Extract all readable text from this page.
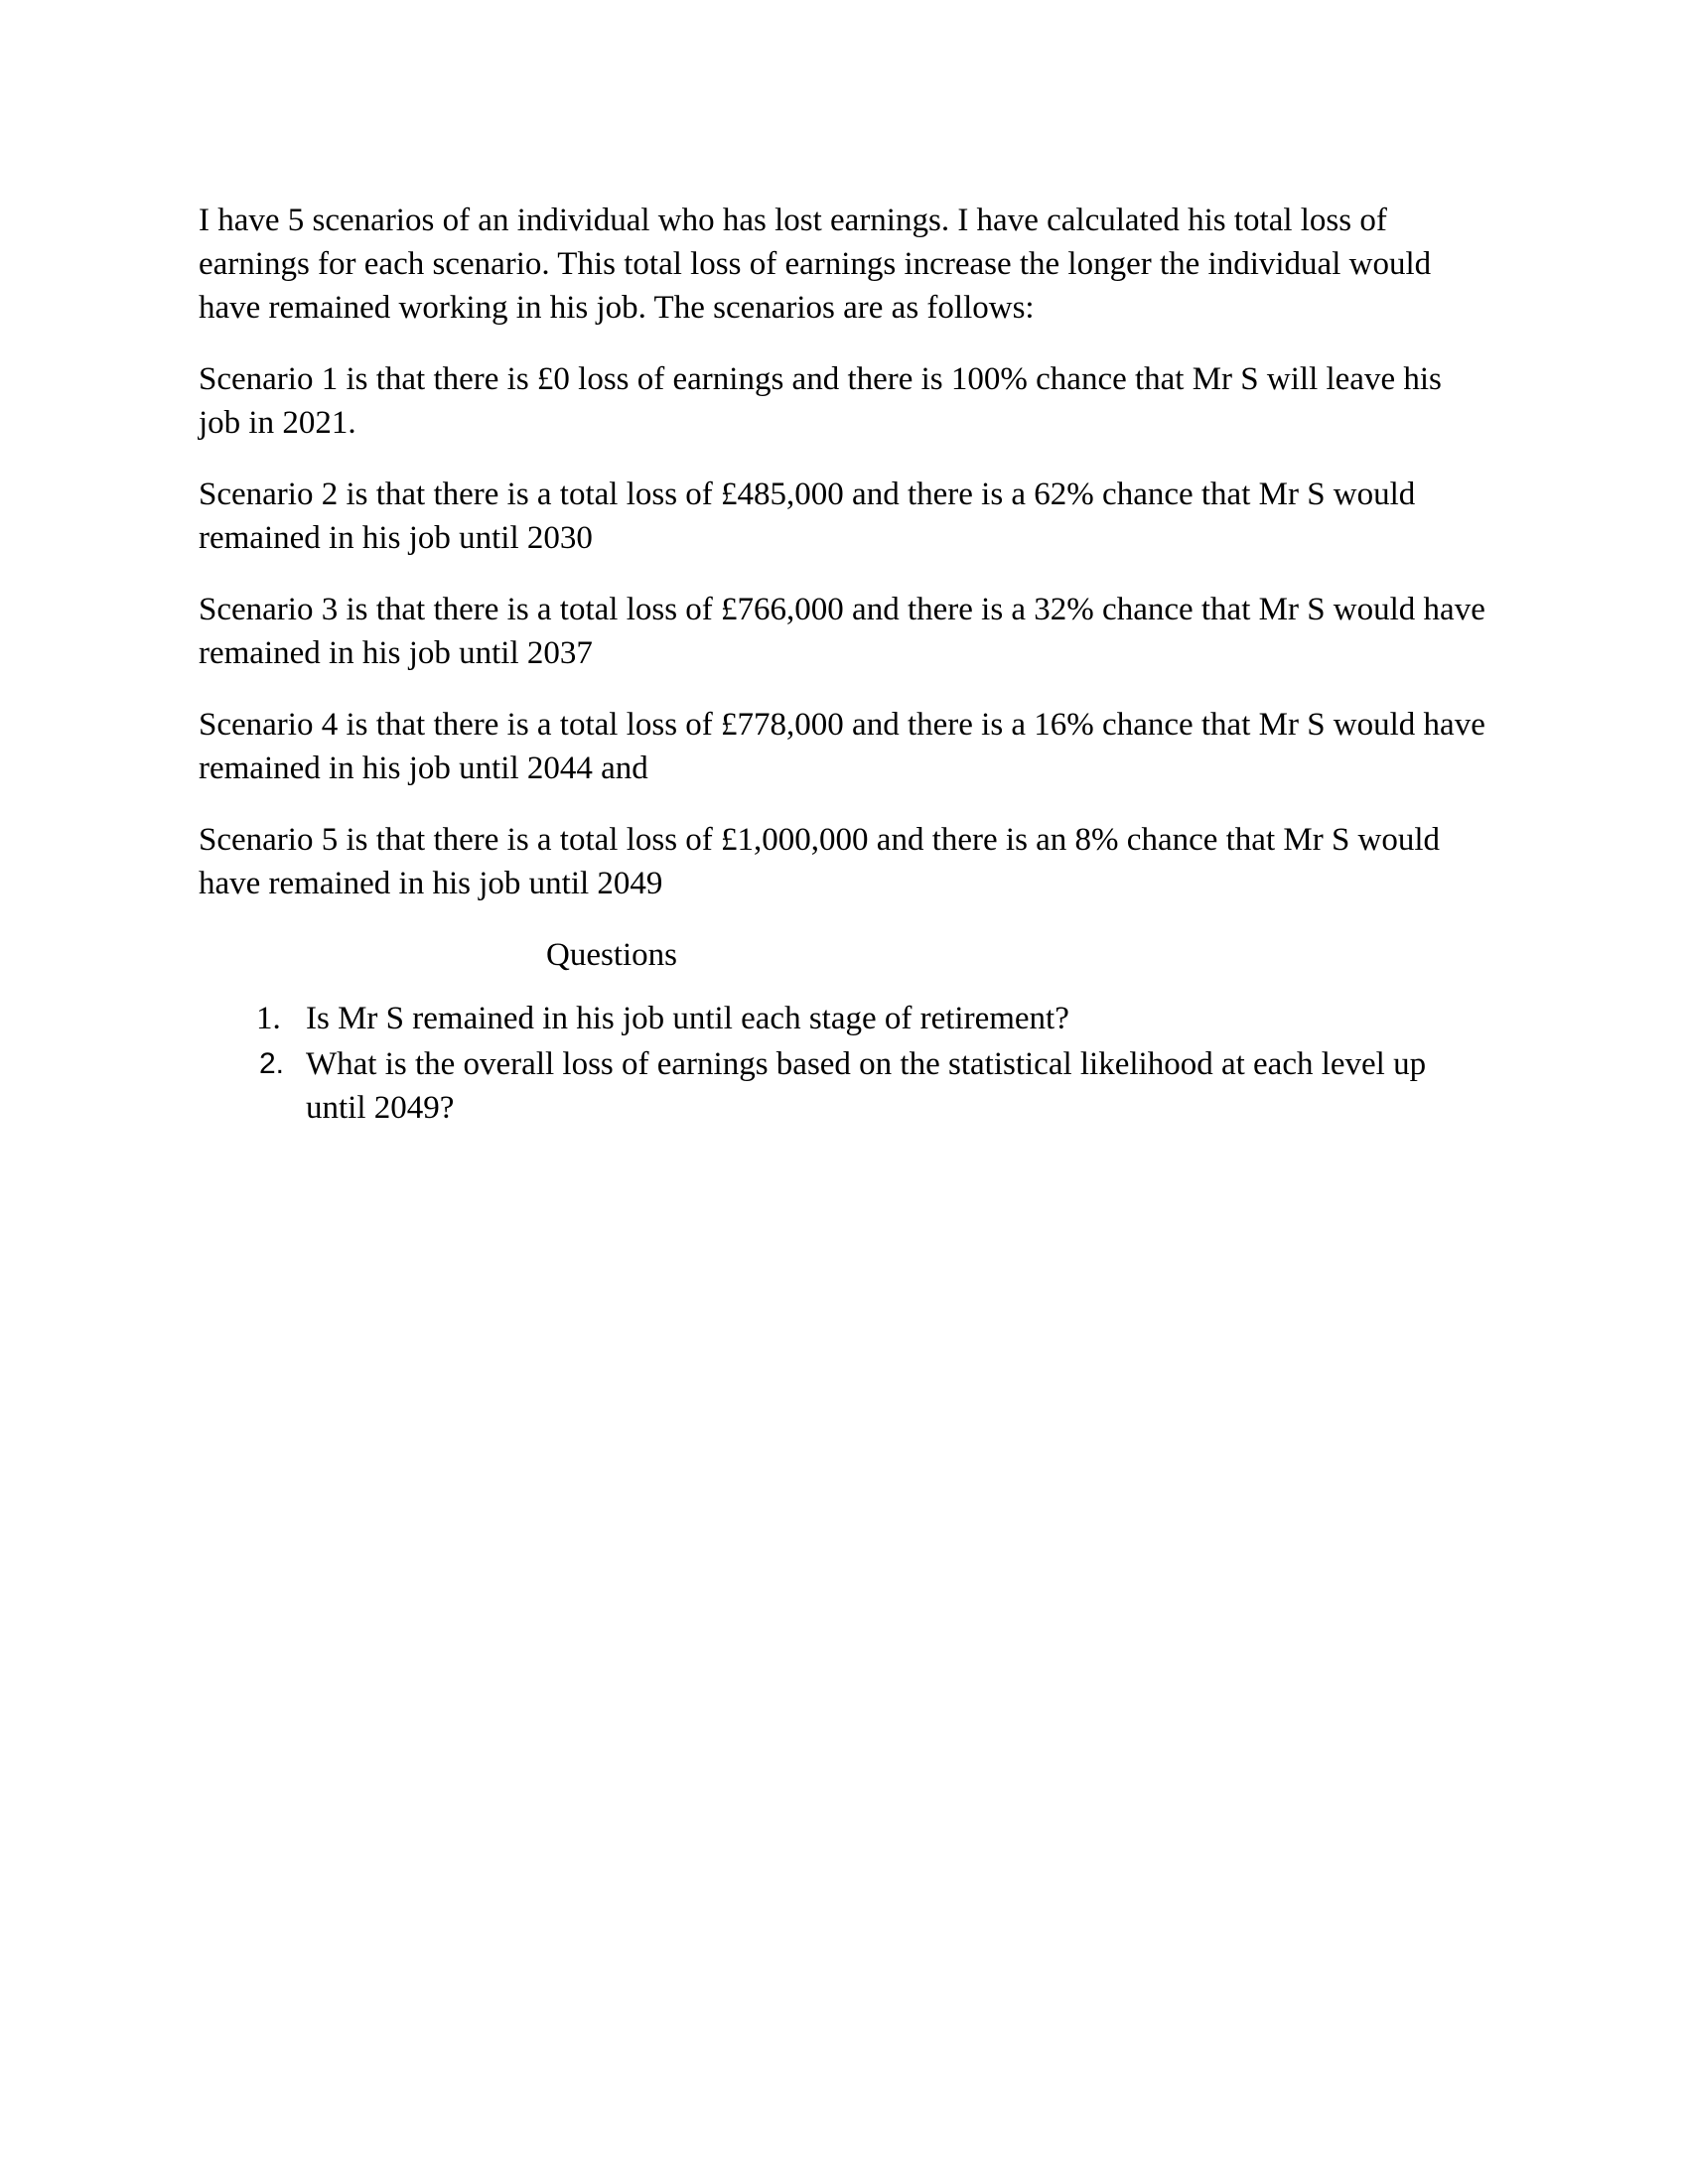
I have 5 scenarios of an individual who has lost earnings. I have calculated his total loss of earnings for each scenario. This total loss of earnings increase the longer the individual would have remained working in his job. The scenarios are as follows:

Scenario 1 is that there is £0 loss of earnings and there is 100% chance that Mr S will leave his job in 2021.

Scenario 2 is that there is a total loss of £485,000 and there is a 62% chance that Mr S would remained in his job until 2030

Scenario 3 is that there is a total loss of £766,000 and there is a 32% chance that Mr S would have remained in his job until 2037

Scenario 4 is that there is a total loss of £778,000 and there is a 16% chance that Mr S would have remained in his job until 2044 and

Scenario 5 is that there is a total loss of £1,000,000 and there is an 8% chance that Mr S would have remained in his job until 2049

Questions

1. Is Mr S remained in his job until each stage of retirement?
2. What is the overall loss of earnings based on the statistical likelihood at each level up until 2049?
